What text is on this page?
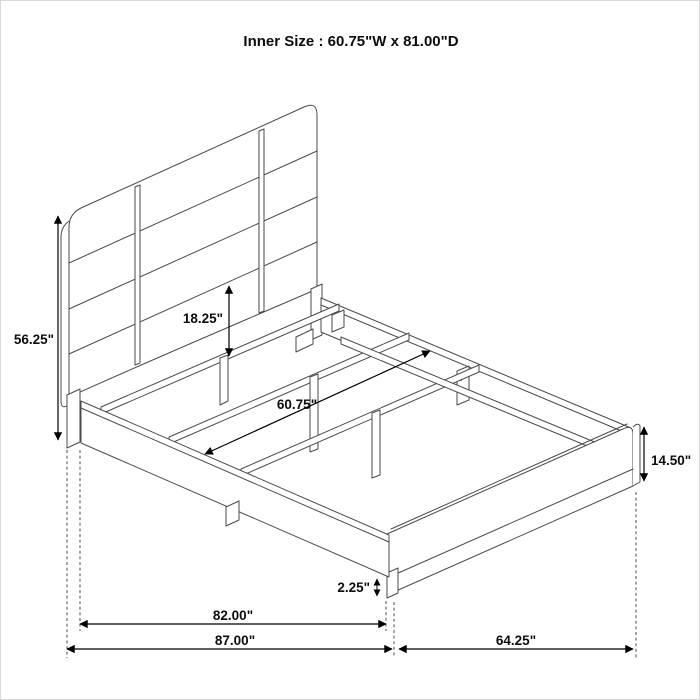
56.25"
18.25"
60.75"
14.50"
2.25"
82.00"
87.00"	64.25"
Inner Size : 60.75"W x 81.00"D
